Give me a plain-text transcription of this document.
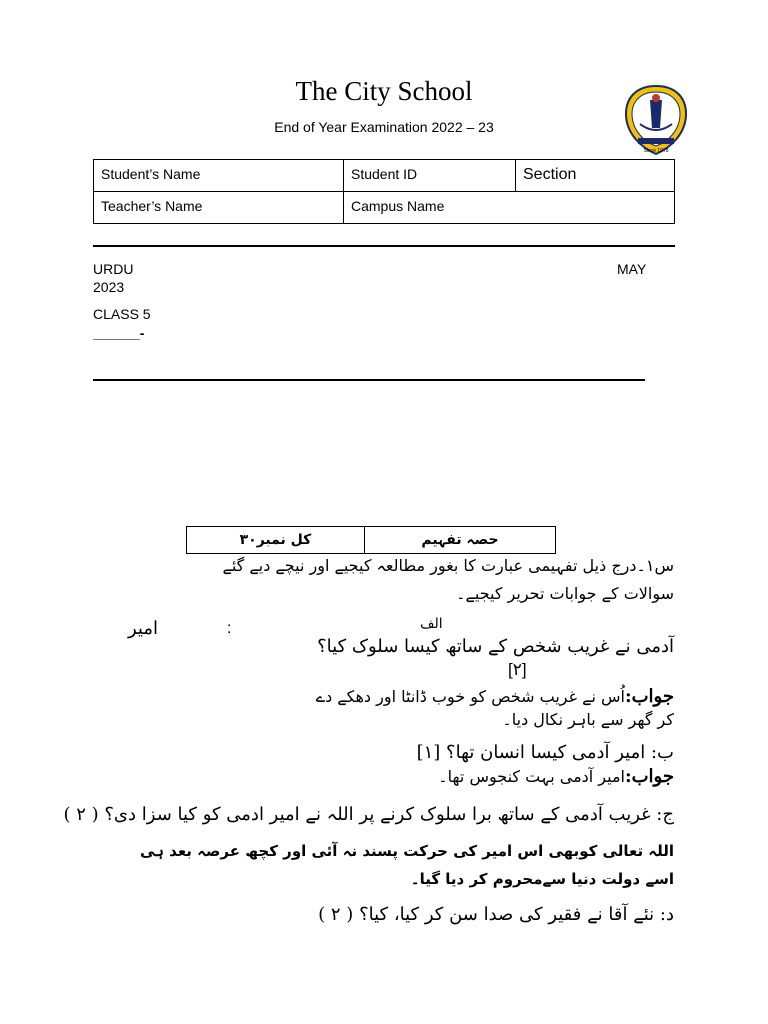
The City School
End of Year Examination 2022 – 23
Since 1978
Student’s Name	Student ID	Section
Teacher’s Name	Campus Name	
URDU	MAY
2023
CLASS 5
______-
کل نمبر۳۰	حصہ تفہیم
س۱۔درج ذیل تفہیمی عبارت کا بغور مطالعہ کیجیے اور نیچے دیے گئے
سوالات کے جوابات تحریر کیجیے۔
امیر	:	الف
آدمی نے غریب شخص کے ساتھ کیسا سلوک کیا؟
[۲]
جواب:اُس نے غریب شخص کو خوب ڈانٹا اور دھکے دے
کر گھر سے باہر نکال دیا۔
ب: امیر آدمی کیسا انسان تھا؟ [۱]
جواب:امیر آدمی بہت کنجوس تھا۔
ج: غریب آدمی کے ساتھ برا سلوک کرنے پر اللہ نے امیر ادمی کو کیا سزا دی؟ ( ۲ )
اللہ تعالی کوبھی اس امیر کی حرکت پسند نہ آئی اور کچھ عرصہ بعد ہی
اسے دولت دنیا سےمحروم کر دیا گیا۔
د: نئے آقا نے فقیر کی صدا سن کر کیا، کیا؟ ( ۲ )
